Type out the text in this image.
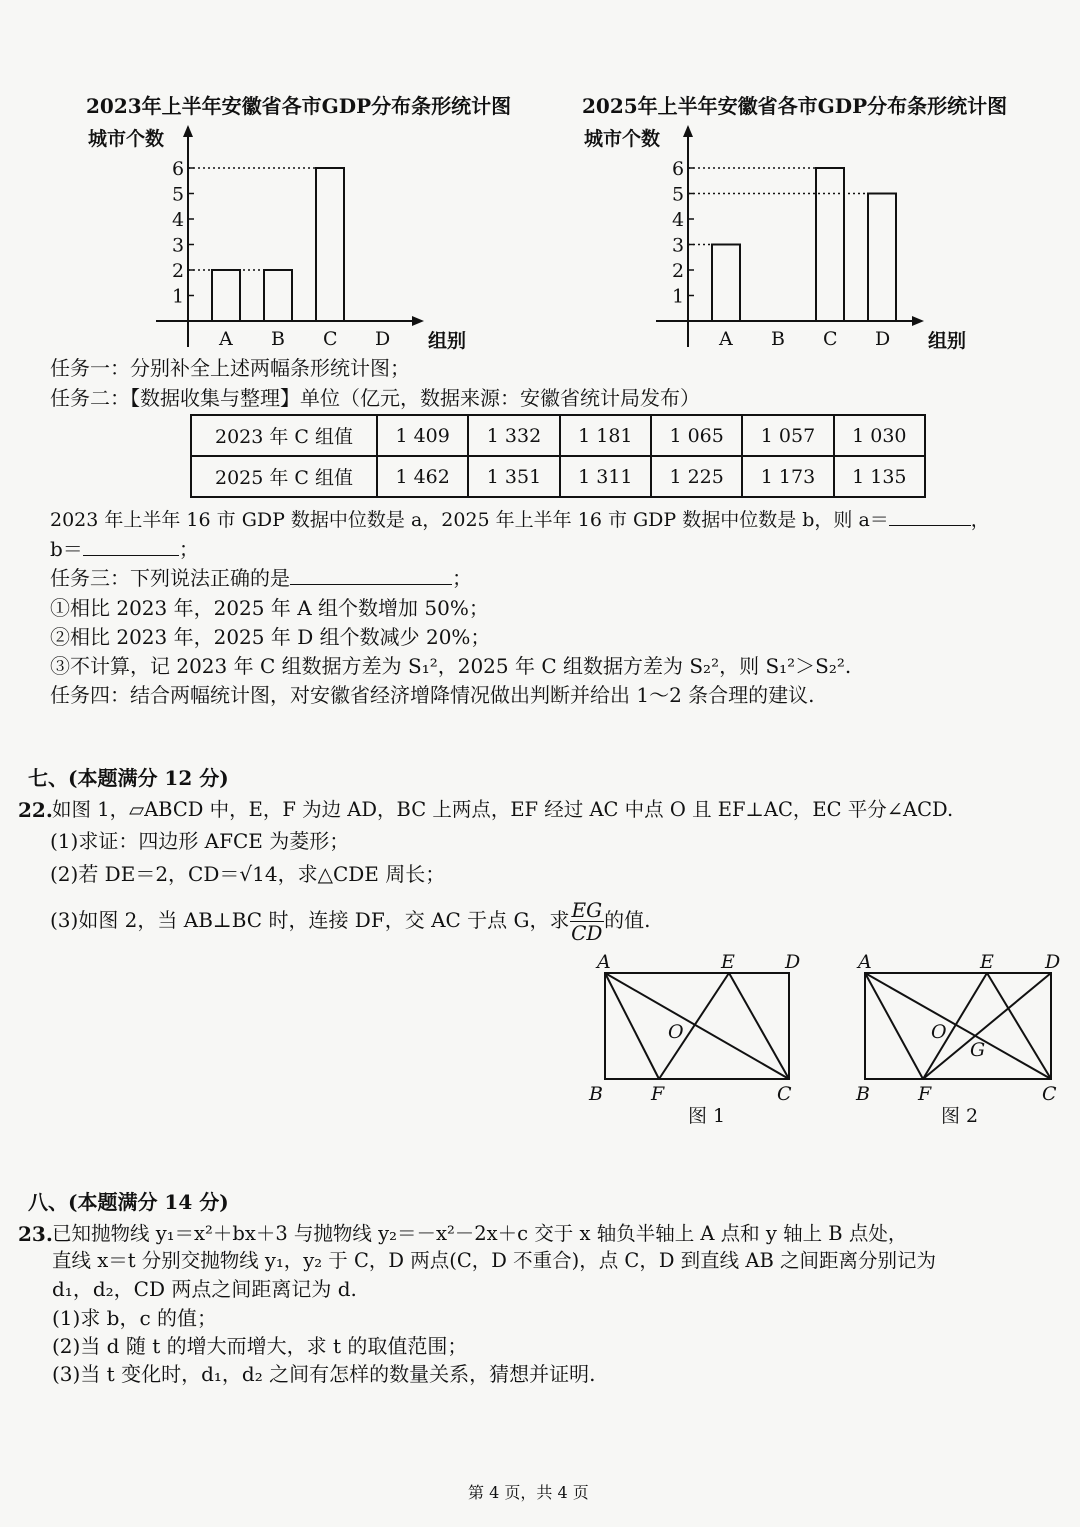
2023年上半年安徽省各市GDP分布条形统计图
城市个数
1
2
3
4
5
6
A B C D 组别
2025年上半年安徽省各市GDP分布条形统计图
城市个数
1
2
3
4
5
6
A B C D 组别
任务一：分别补全上述两幅条形统计图；
任务二：【数据收集与整理】单位（亿元，数据来源：安徽省统计局发布）
2023 年 C 组值	1 409	1 332	1 181	1 065	1 057	1 030
2025 年 C 组值	1 462	1 351	1 311	1 225	1 173	1 135
2023 年上半年 16 市 GDP 数据中位数是 a，2025 年上半年 16 市 GDP 数据中位数是 b，则 a＝	，
b＝	；
任务三：下列说法正确的是	；
①相比 2023 年，2025 年 A 组个数增加 50%；
②相比 2023 年，2025 年 D 组个数减少 20%；
③不计算，记 2023 年 C 组数据方差为 S₁²，2025 年 C 组数据方差为 S₂²，则 S₁²＞S₂².
任务四：结合两幅统计图，对安徽省经济增降情况做出判断并给出 1～2 条合理的建议.
七、(本题满分 12 分)
22. 如图 1，▱ABCD 中，E，F 为边 AD，BC 上两点，EF 经过 AC 中点 O 且 EF⊥AC，EC 平分∠ACD.
(1)求证：四边形 AFCE 为菱形；
(2)若 DE＝2，CD＝√14，求△CDE 周长；
(3)如图 2，当 AB⊥BC 时，连接 DF，交 AC 于点 G，求 $\frac{EG}{CD}$ 的值.
A	E	D
O
B	F	C
图 1
A	E	D
O
G
B	F	C
图 2
八、(本题满分 14 分)
23. 已知抛物线 y₁＝x²＋bx＋3 与抛物线 y₂＝－x²－2x＋c 交于 x 轴负半轴上 A 点和 y 轴上 B 点处，
直线 x＝t 分别交抛物线 y₁，y₂ 于 C，D 两点(C，D 不重合)，点 C，D 到直线 AB 之间距离分别记为
d₁，d₂，CD 两点之间距离记为 d.
(1)求 b，c 的值；
(2)当 d 随 t 的增大而增大，求 t 的取值范围；
(3)当 t 变化时，d₁，d₂ 之间有怎样的数量关系，猜想并证明.
第 4 页，共 4 页
